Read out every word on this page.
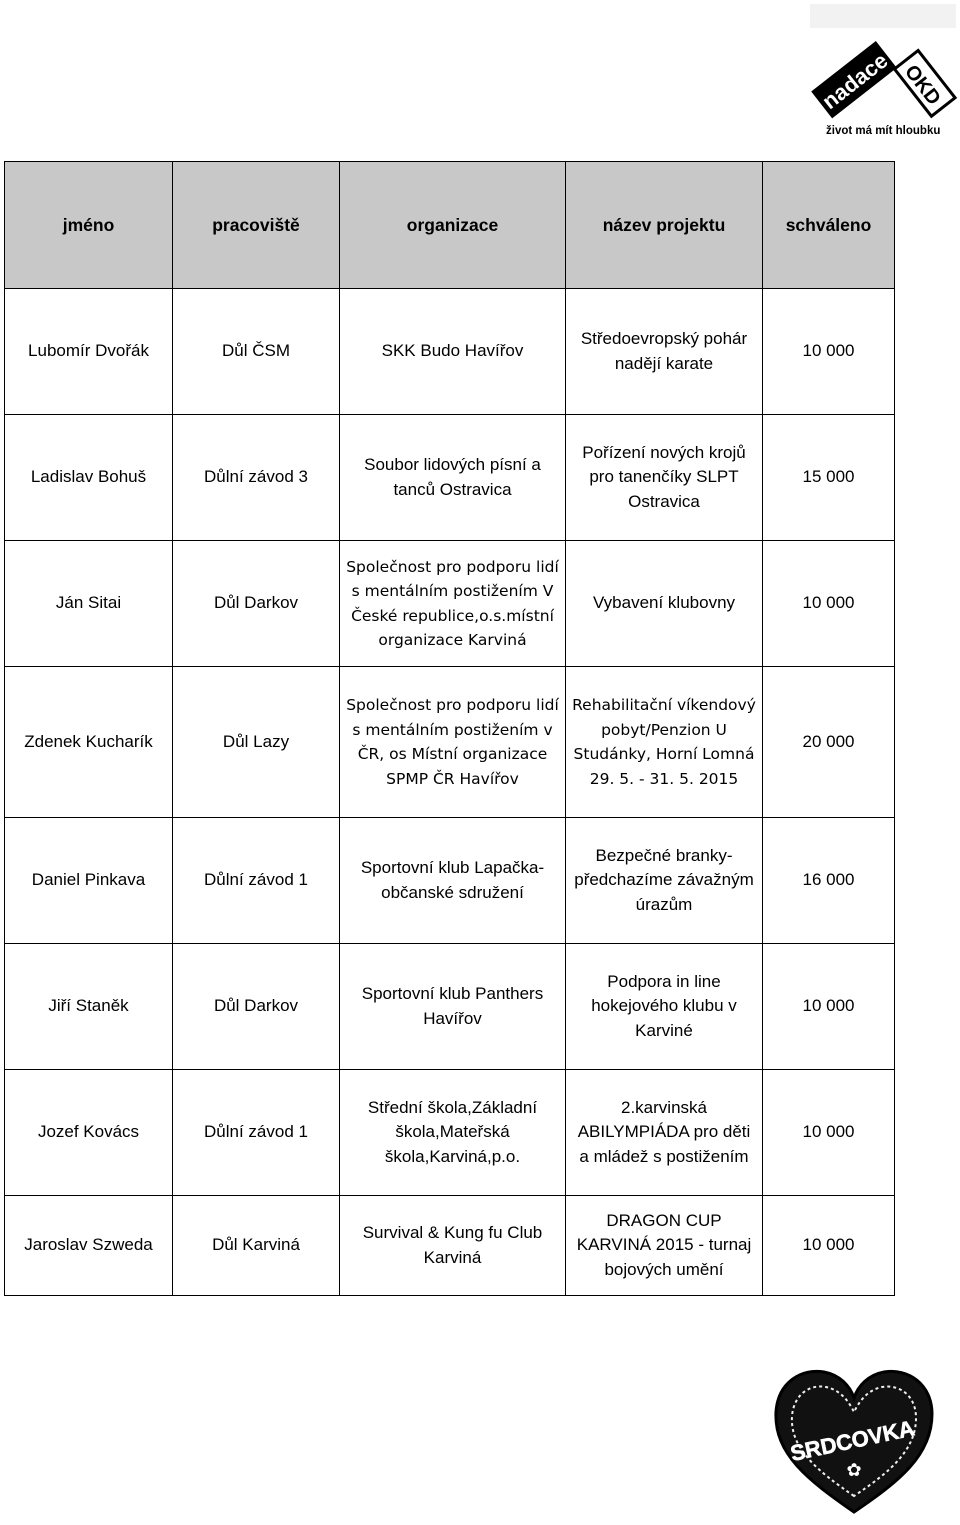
nadace OKD
život má mít hloubku
jméno	pracoviště	organizace	název projektu	schváleno
Lubomír Dvořák	Důl ČSM	SKK Budo Havířov	Středoevropský pohár nadějí karate	10 000
Ladislav Bohuš	Důlní závod 3	Soubor lidových písní a tanců Ostravica	Pořízení nových krojů pro tanenčíky SLPT Ostravica	15 000
Ján Sitai	Důl Darkov	Společnost pro podporu lidí s mentálním postižením V České republice,o.s.místní organizace Karviná	Vybavení klubovny	10 000
Zdenek Kucharík	Důl Lazy	Společnost pro podporu lidí s mentálním postižením v ČR, os Místní organizace SPMP ČR Havířov	Rehabilitační víkendový pobyt/Penzion U Studánky, Horní Lomná 29. 5. - 31. 5. 2015	20 000
Daniel Pinkava	Důlní závod 1	Sportovní klub Lapačka-občanské sdružení	Bezpečné branky-předchazíme závažným úrazům	16 000
Jiří Staněk	Důl Darkov	Sportovní klub Panthers Havířov	Podpora in line hokejového klubu v Karviné	10 000
Jozef Kovács	Důlní závod 1	Střední škola,Základní škola,Mateřská škola,Karviná,p.o.	2.karvinská ABILYMPIÁDA pro děti a mládež s postižením	10 000
Jaroslav Szweda	Důl Karviná	Survival & Kung fu Club Karviná	DRAGON CUP KARVINÁ 2015 - turnaj bojových umění	10 000
SRDCOVKA
✿
